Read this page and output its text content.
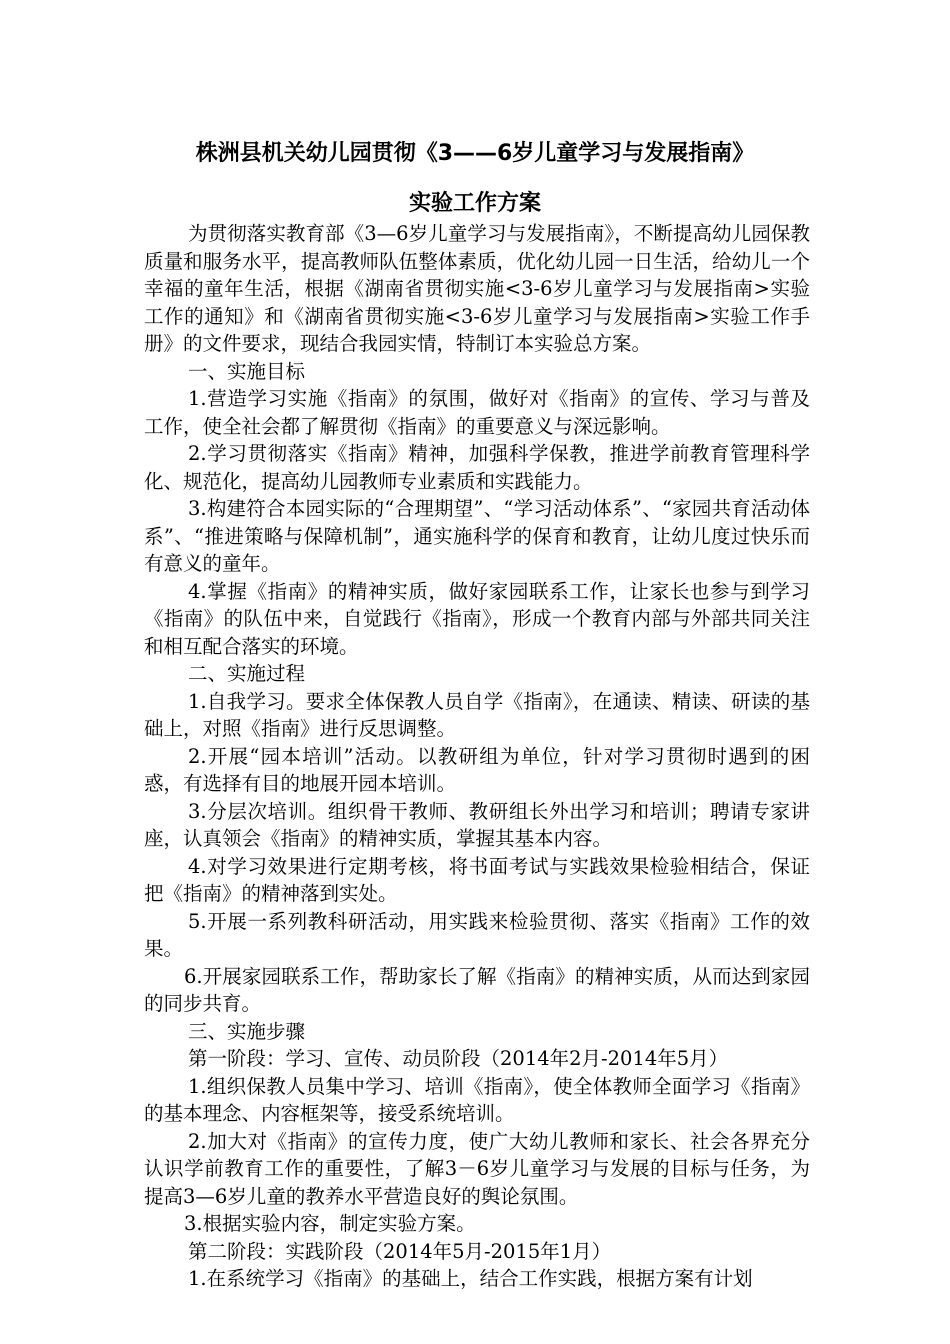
株洲县机关幼儿园贯彻《3——6岁儿童学习与发展指南》
实验工作方案

为贯彻落实教育部《3—6岁儿童学习与发展指南》，不断提高幼儿园保教质量和服务水平，提高教师队伍整体素质，优化幼儿园一日生活，给幼儿一个幸福的童年生活，根据《湖南省贯彻实施<3-6岁儿童学习与发展指南>实验工作的通知》和《湖南省贯彻实施<3-6岁儿童学习与发展指南>实验工作手册》的文件要求，现结合我园实情，特制订本实验总方案。

一、实施目标

1.营造学习实施《指南》的氛围，做好对《指南》的宣传、学习与普及工作，使全社会都了解贯彻《指南》的重要意义与深远影响。

2.学习贯彻落实《指南》精神，加强科学保教，推进学前教育管理科学化、规范化，提高幼儿园教师专业素质和实践能力。

3.构建符合本园实际的“合理期望”、“学习活动体系”、“家园共育活动体系”、“推进策略与保障机制”，通实施科学的保育和教育，让幼儿度过快乐而有意义的童年。

4.掌握《指南》的精神实质，做好家园联系工作，让家长也参与到学习《指南》的队伍中来，自觉践行《指南》，形成一个教育内部与外部共同关注和相互配合落实的环境。

二、实施过程

1.自我学习。要求全体保教人员自学《指南》，在通读、精读、研读的基础上，对照《指南》进行反思调整。

2.开展“园本培训”活动。以教研组为单位，针对学习贯彻时遇到的困惑，有选择有目的地展开园本培训。

3.分层次培训。组织骨干教师、教研组长外出学习和培训；聘请专家讲座，认真领会《指南》的精神实质，掌握其基本内容。

4.对学习效果进行定期考核，将书面考试与实践效果检验相结合，保证把《指南》的精神落到实处。

5.开展一系列教科研活动，用实践来检验贯彻、落实《指南》工作的效果。

6.开展家园联系工作，帮助家长了解《指南》的精神实质，从而达到家园的同步共育。

三、实施步骤

第一阶段：学习、宣传、动员阶段（2014年2月-2014年5月）

1.组织保教人员集中学习、培训《指南》，使全体教师全面学习《指南》的基本理念、内容框架等，接受系统培训。

2.加大对《指南》的宣传力度，使广大幼儿教师和家长、社会各界充分认识学前教育工作的重要性，了解3－6岁儿童学习与发展的目标与任务，为提高3—6岁儿童的教养水平营造良好的舆论氛围。

3.根据实验内容，制定实验方案。

第二阶段：实践阶段（2014年5月-2015年1月）

1.在系统学习《指南》的基础上，结合工作实践，根据方案有计划
